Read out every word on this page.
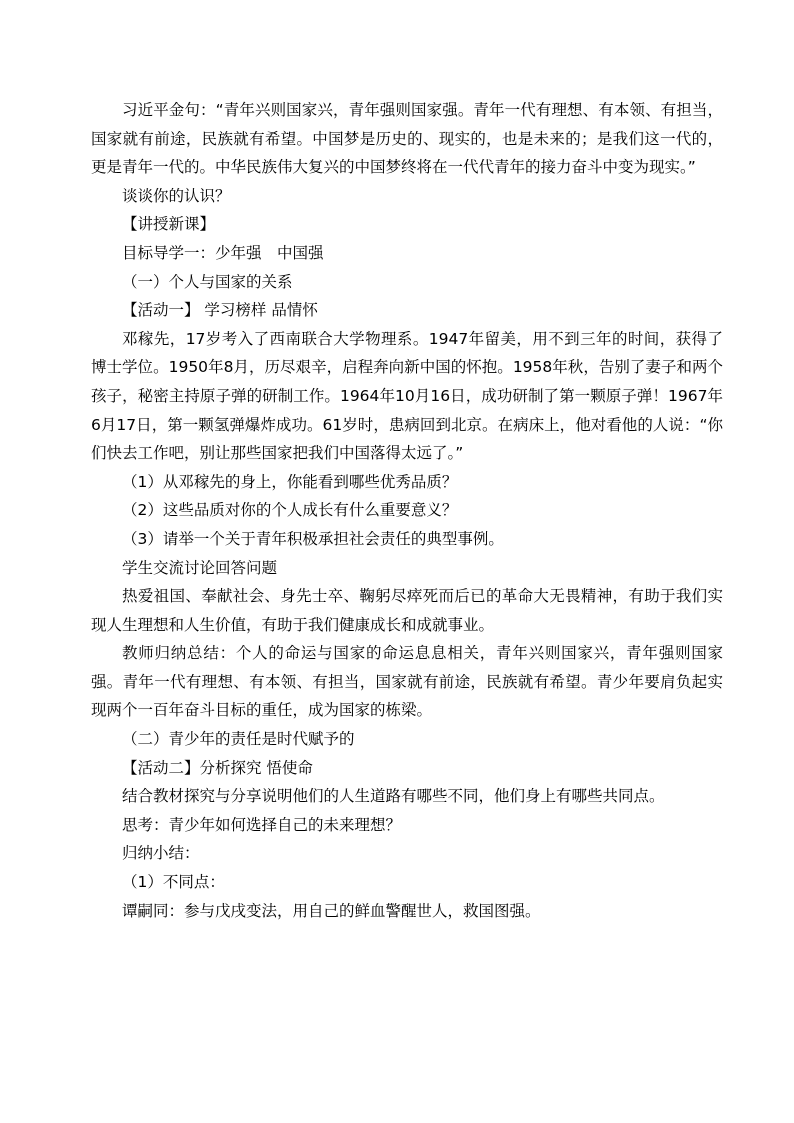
习近平金句：“青年兴则国家兴，青年强则国家强。青年一代有理想、有本领、有担当，国家就有前途，民族就有希望。中国梦是历史的、现实的，也是未来的；是我们这一代的，更是青年一代的。中华民族伟大复兴的中国梦终将在一代代青年的接力奋斗中变为现实。”

谈谈你的认识？

【讲授新课】

目标导学一：少年强　中国强

（一）个人与国家的关系

【活动一】 学习榜样 品情怀

邓稼先，17岁考入了西南联合大学物理系。1947年留美，用不到三年的时间，获得了博士学位。1950年8月，历尽艰辛，启程奔向新中国的怀抱。1958年秋，告别了妻子和两个孩子，秘密主持原子弹的研制工作。1964年10月16日，成功研制了第一颗原子弹！1967年6月17日，第一颗氢弹爆炸成功。61岁时，患病回到北京。在病床上，他对看他的人说：“你们快去工作吧，别让那些国家把我们中国落得太远了。”

（1）从邓稼先的身上，你能看到哪些优秀品质？

（2）这些品质对你的个人成长有什么重要意义？

（3）请举一个关于青年积极承担社会责任的典型事例。

学生交流讨论回答问题

热爱祖国、奉献社会、身先士卒、鞠躬尽瘁死而后已的革命大无畏精神，有助于我们实现人生理想和人生价值，有助于我们健康成长和成就事业。

教师归纳总结：个人的命运与国家的命运息息相关，青年兴则国家兴，青年强则国家强。青年一代有理想、有本领、有担当，国家就有前途，民族就有希望。青少年要肩负起实现两个一百年奋斗目标的重任，成为国家的栋梁。

（二）青少年的责任是时代赋予的

【活动二】分析探究 悟使命

结合教材探究与分享说明他们的人生道路有哪些不同，他们身上有哪些共同点。

思考：青少年如何选择自己的未来理想？

归纳小结：

（1）不同点：

谭嗣同：参与戊戌变法，用自己的鲜血警醒世人，救国图强。
